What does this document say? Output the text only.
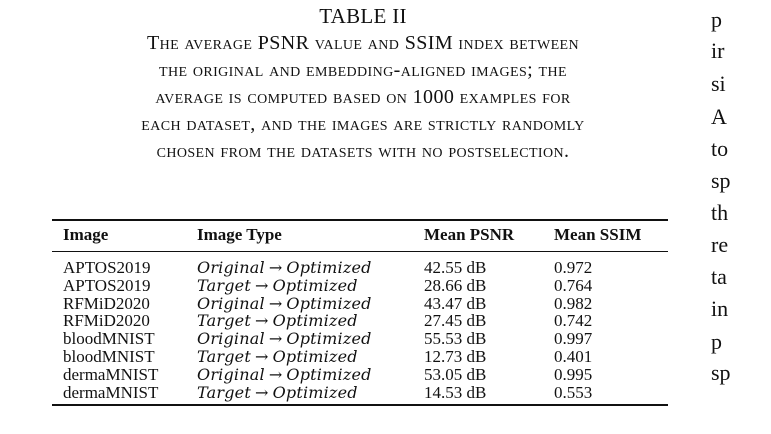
TABLE II
The average PSNR value and SSIM index between
the original and embedding-aligned images; the
average is computed based on 1000 examples for
each dataset, and the images are strictly randomly
chosen from the datasets with no postselection.
Image	Image Type	Mean PSNR Mean SSIM
APTOS2019	Original → Optimized	42.55 dB	0.972
APTOS2019	Target → Optimized	28.66 dB	0.764
RFMiD2020	Original → Optimized	43.47 dB	0.982
RFMiD2020	Target → Optimized	27.45 dB	0.742
bloodMNIST	Original → Optimized	55.53 dB	0.997
bloodMNIST	Target → Optimized	12.73 dB	0.401
dermaMNIST Original → Optimized	53.05 dB	0.995
dermaMNIST Target → Optimized	14.53 dB	0.553
p
ir
si
A
to
sp
th
re
ta
in
p
sp
